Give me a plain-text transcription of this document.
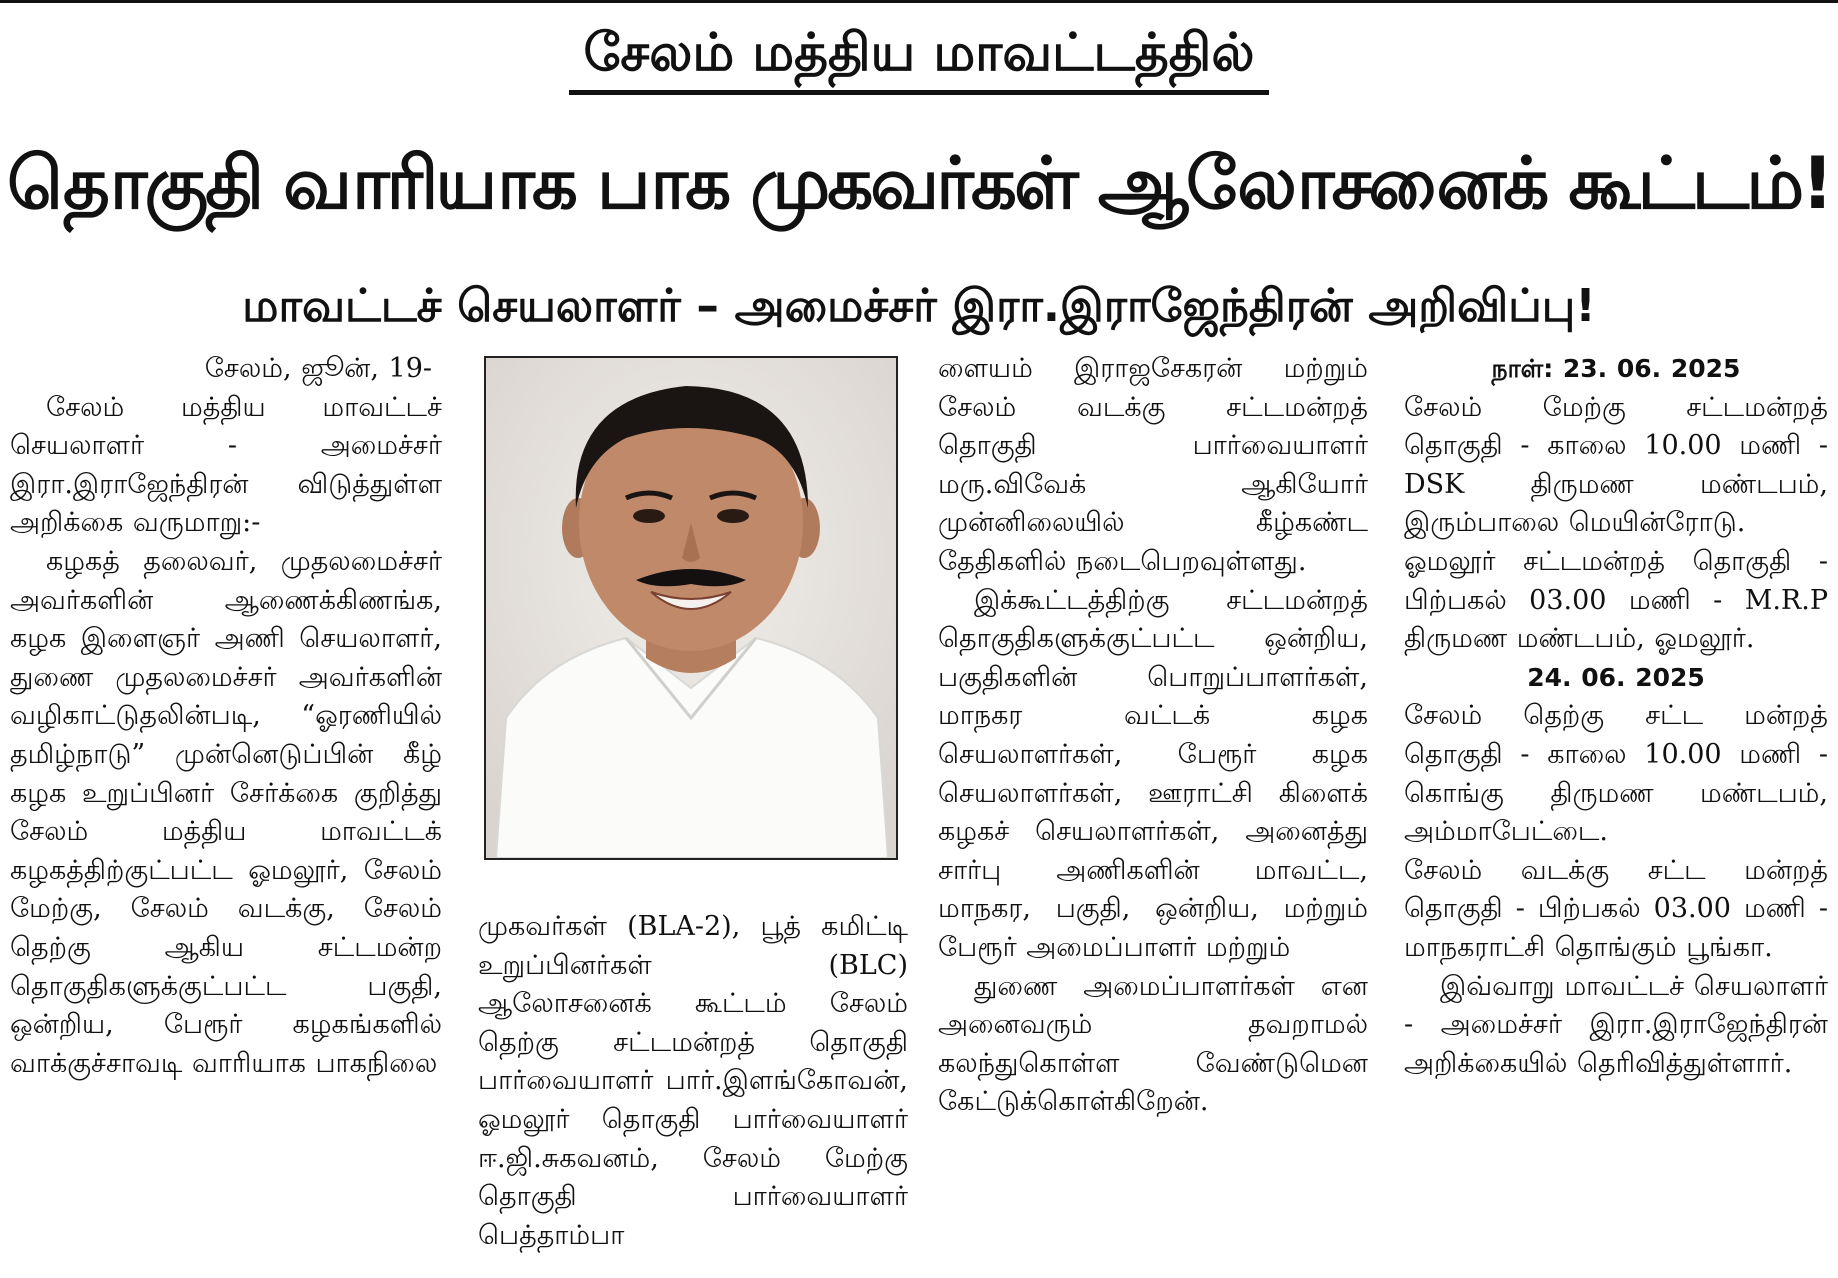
சேலம் மத்திய மாவட்டத்தில்
தொகுதி வாரியாக பாக முகவர்கள் ஆலோசனைக் கூட்டம்!
மாவட்டச் செயலாளர் – அமைச்சர் இரா.இராஜேந்திரன் அறிவிப்பு!

சேலம், ஜூன், 19-

சேலம் மத்திய மாவட்டச் செயலாளர் - அமைச்சர் இரா.இராஜேந்திரன் விடுத்துள்ள அறிக்கை வருமாறு:-

கழகத் தலைவர், முதலமைச்சர் அவர்களின் ஆணைக்கிணங்க, கழக இளைஞர் அணி செயலாளர், துணை முதலமைச்சர் அவர்களின் வழிகாட்டுதலின்படி, “ஓரணியில் தமிழ்நாடு” முன்னெடுப்பின் கீழ் கழக உறுப்பினர் சேர்க்கை குறித்து சேலம் மத்திய மாவட்டக் கழகத்திற்குட்பட்ட ஓமலூர், சேலம் மேற்கு, சேலம் வடக்கு, சேலம் தெற்கு ஆகிய சட்டமன்ற தொகுதிகளுக்குட்பட்ட பகுதி, ஒன்றிய, பேரூர் கழகங்களில் வாக்குச்சாவடி வாரியாக பாகநிலை

முகவர்கள் (BLA-2), பூத் கமிட்டி உறுப்பினர்கள் (BLC) ஆலோசனைக் கூட்டம் சேலம் தெற்கு சட்டமன்றத் தொகுதி பார்வையாளர் பார்.இளங்கோவன், ஓமலூர் தொகுதி பார்வையாளர் ஈ.ஜி.சுகவனம், சேலம் மேற்கு தொகுதி பார்வையாளர் பெத்தாம்பா

ளையம் இராஜசேகரன் மற்றும் சேலம் வடக்கு சட்டமன்றத் தொகுதி பார்வையாளர் மரு.விவேக் ஆகியோர் முன்னிலையில் கீழ்கண்ட தேதிகளில் நடைபெறவுள்ளது.

இக்கூட்டத்திற்கு சட்டமன்றத் தொகுதிகளுக்குட்பட்ட ஒன்றிய, பகுதிகளின் பொறுப்பாளர்கள், மாநகர வட்டக் கழக செயலாளர்கள், பேரூர் கழக செயலாளர்கள், ஊராட்சி கிளைக் கழகச் செயலாளர்கள், அனைத்து சார்பு அணிகளின் மாவட்ட, மாநகர, பகுதி, ஒன்றிய, மற்றும் பேரூர் அமைப்பாளர் மற்றும்

துணை அமைப்பாளர்கள் என அனைவரும் தவறாமல் கலந்துகொள்ள வேண்டுமென கேட்டுக்கொள்கிறேன்.

நாள்: 23. 06. 2025

சேலம் மேற்கு சட்டமன்றத் தொகுதி - காலை 10.00 மணி - DSK திருமண மண்டபம், இரும்பாலை மெயின்ரோடு.

ஓமலூர் சட்டமன்றத் தொகுதி - பிற்பகல் 03.00 மணி - M.R.P திருமண மண்டபம், ஓமலூர்.

24. 06. 2025

சேலம் தெற்கு சட்ட மன்றத் தொகுதி - காலை 10.00 மணி - கொங்கு திருமண மண்டபம், அம்மாபேட்டை.

சேலம் வடக்கு சட்ட மன்றத் தொகுதி - பிற்பகல் 03.00 மணி - மாநகராட்சி தொங்கும் பூங்கா.

இவ்வாறு மாவட்டச் செயலாளர் - அமைச்சர் இரா.இராஜேந்திரன் அறிக்கையில் தெரிவித்துள்ளார்.
